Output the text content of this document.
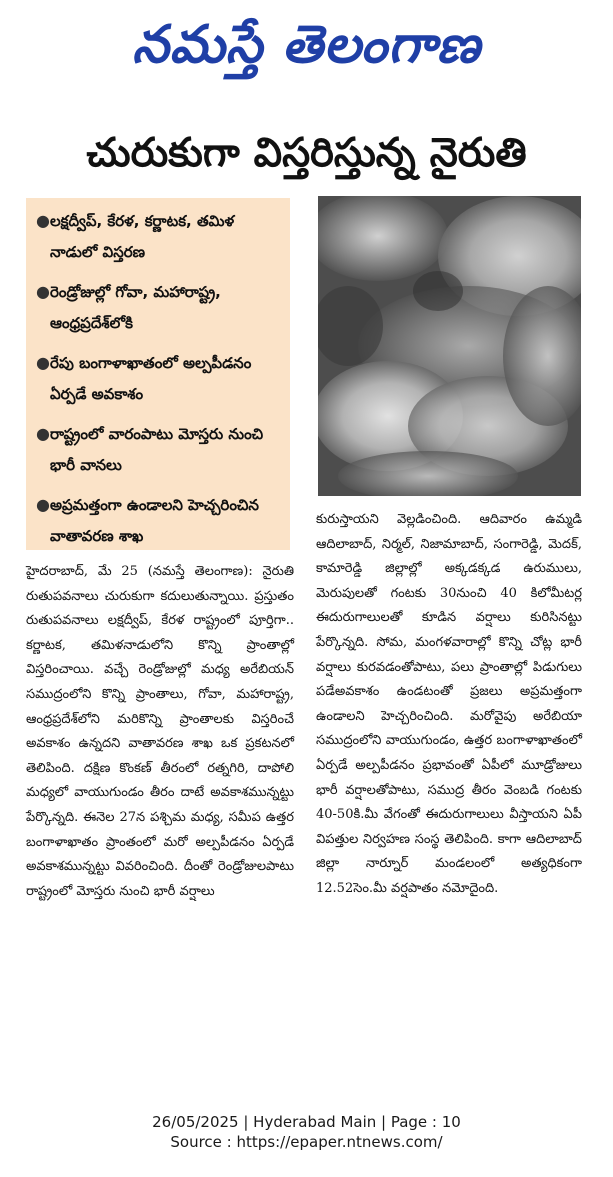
నమస్తే తెలంగాణ
చురుకుగా విస్తరిస్తున్న నైరుతి
● లక్షద్వీప్, కేరళ, కర్ణాటక, తమిళ నాడులో విస్తరణ
● రెండ్రోజుల్లో గోవా, మహారాష్ట్ర, ఆంధ్రప్రదేశ్‌లోకి
● రేపు బంగాళాఖాతంలో అల్పపీడనం ఏర్పడే అవకాశం
● రాష్ట్రంలో వారంపాటు మోస్తరు నుంచి భారీ వానలు
● అప్రమత్తంగా ఉండాలని హెచ్చరించిన వాతావరణ శాఖ

హైదరాబాద్, మే 25 (నమస్తే తెలంగాణ): నైరుతి రుతుపవనాలు చురుకుగా కదులుతున్నాయి. ప్రస్తుతం రుతుపవనాలు లక్షద్వీప్, కేరళ రాష్ట్రంలో పూర్తిగా.. కర్ణాటక, తమిళనాడులోని కొన్ని ప్రాంతాల్లో విస్తరించాయి. వచ్చే రెండ్రోజుల్లో మధ్య అరేబియన్ సముద్రంలోని కొన్ని ప్రాంతాలు, గోవా, మహారాష్ట్ర, ఆంధ్రప్రదేశ్‌లోని మరికొన్ని ప్రాంతాలకు విస్తరించే అవకాశం ఉన్నదని వాతావరణ శాఖ ఒక ప్రకటనలో తెలిపింది. దక్షిణ కొంకణ్ తీరంలో రత్నగిరి, దాపోలి మధ్యలో వాయుగుండం తీరం దాటే అవకాశమున్నట్టు పేర్కొన్నది. ఈనెల 27న పశ్చిమ మధ్య, సమీప ఉత్తర బంగాళాఖాతం ప్రాంతంలో మరో అల్పపీడనం ఏర్పడే అవకాశమున్నట్టు వివరించింది. దీంతో రెండ్రోజులపాటు రాష్ట్రంలో మోస్తరు నుంచి భారీ వర్షాలు

కురుస్తాయని వెల్లడించింది. ఆదివారం ఉమ్మడి ఆదిలాబాద్, నిర్మల్, నిజామాబాద్, సంగారెడ్డి, మెదక్, కామారెడ్డి జిల్లాల్లో అక్కడక్కడ ఉరుములు, మెరుపులతో గంటకు 30నుంచి 40 కిలోమీటర్ల ఈదురుగాలులతో కూడిన వర్షాలు కురిసినట్టు పేర్కొన్నది. సోమ, మంగళవారాల్లో కొన్ని చోట్ల భారీ వర్షాలు కురవడంతోపాటు, పలు ప్రాంతాల్లో పిడుగులు పడేఅవకాశం ఉండటంతో ప్రజలు అప్రమత్తంగా ఉండాలని హెచ్చరించింది. మరోవైపు అరేబియా సముద్రంలోని వాయుగుండం, ఉత్తర బంగాళాఖాతంలో ఏర్పడే అల్పపీడనం ప్రభావంతో ఏపీలో మూడ్రోజులు భారీ వర్షాలతోపాటు, సముద్ర తీరం వెంబడి గంటకు 40-50కి.మీ వేగంతో ఈదురుగాలులు వీస్తాయని ఏపీ విపత్తుల నిర్వహణ సంస్థ తెలిపింది. కాగా ఆదిలాబాద్ జిల్లా నార్నూర్ మండలంలో అత్యధికంగా 12.52సెం.మీ వర్షపాతం నమోదైంది.

26/05/2025 | Hyderabad Main | Page : 10
Source : https://epaper.ntnews.com/
